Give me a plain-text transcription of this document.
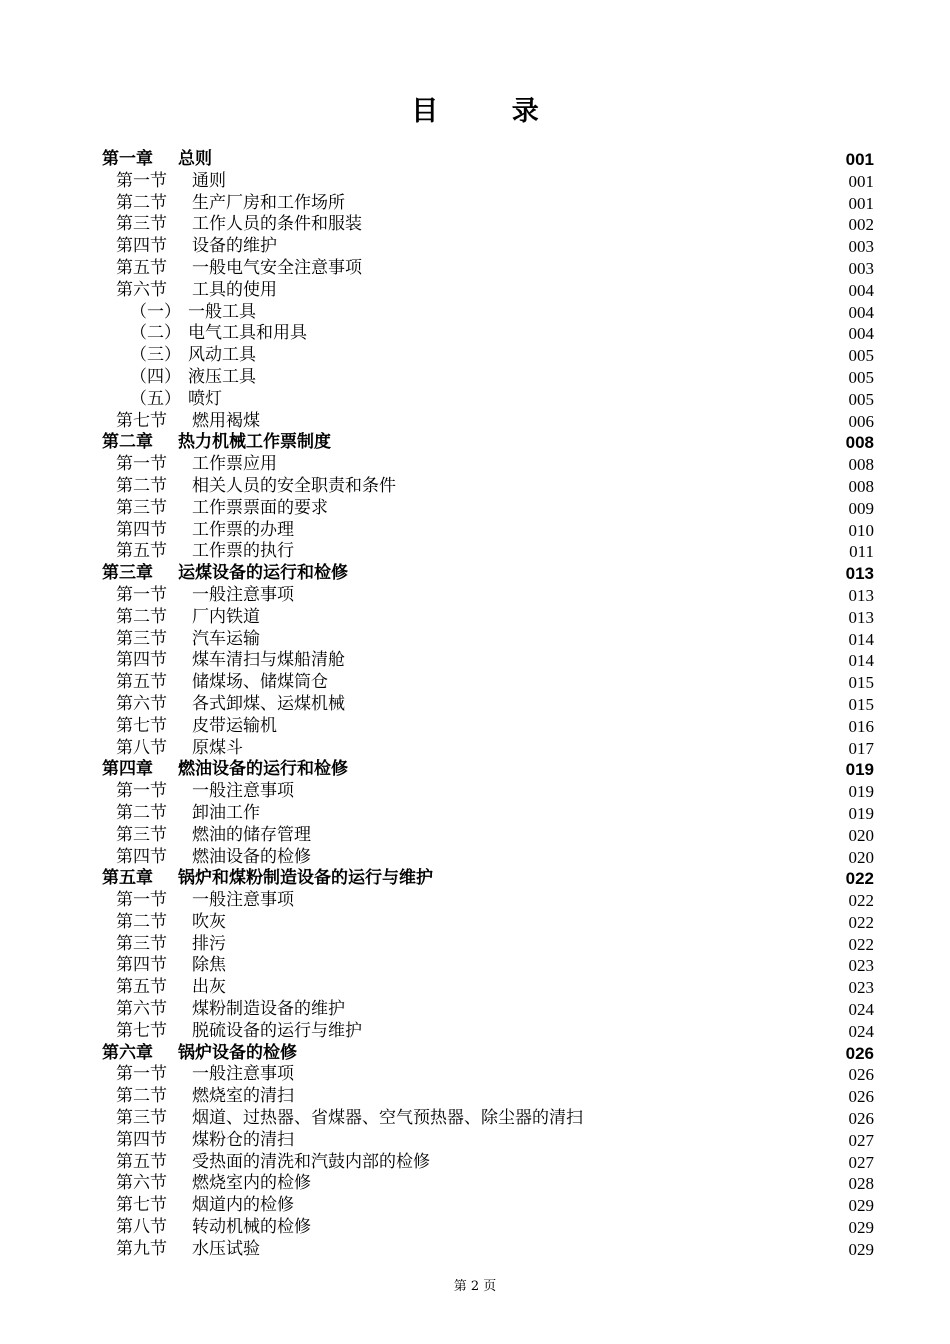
目 录
第一章 总则	001
第一节 通则	001
第二节 生产厂房和工作场所	001
第三节 工作人员的条件和服装	002
第四节 设备的维护	003
第五节 一般电气安全注意事项	003
第六节 工具的使用	004
（一） 一般工具	004
（二） 电气工具和用具	004
（三） 风动工具	005
（四） 液压工具	005
（五） 喷灯	005
第七节 燃用褐煤	006
第二章 热力机械工作票制度	008
第一节 工作票应用	008
第二节 相关人员的安全职责和条件	008
第三节 工作票票面的要求	009
第四节 工作票的办理	010
第五节 工作票的执行	011
第三章 运煤设备的运行和检修	013
第一节 一般注意事项	013
第二节 厂内铁道	013
第三节 汽车运输	014
第四节 煤车清扫与煤船清舱	014
第五节 储煤场、储煤筒仓	015
第六节 各式卸煤、运煤机械	015
第七节 皮带运输机	016
第八节 原煤斗	017
第四章 燃油设备的运行和检修	019
第一节 一般注意事项	019
第二节 卸油工作	019
第三节 燃油的储存管理	020
第四节 燃油设备的检修	020
第五章 锅炉和煤粉制造设备的运行与维护	022
第一节 一般注意事项	022
第二节 吹灰	022
第三节 排污	022
第四节 除焦	023
第五节 出灰	023
第六节 煤粉制造设备的维护	024
第七节 脱硫设备的运行与维护	024
第六章 锅炉设备的检修	026
第一节 一般注意事项	026
第二节 燃烧室的清扫	026
第三节 烟道、过热器、省煤器、空气预热器、除尘器的清扫	026
第四节 煤粉仓的清扫	027
第五节 受热面的清洗和汽鼓内部的检修	027
第六节 燃烧室内的检修	028
第七节 烟道内的检修	029
第八节 转动机械的检修	029
第九节 水压试验	029
第 2 页
